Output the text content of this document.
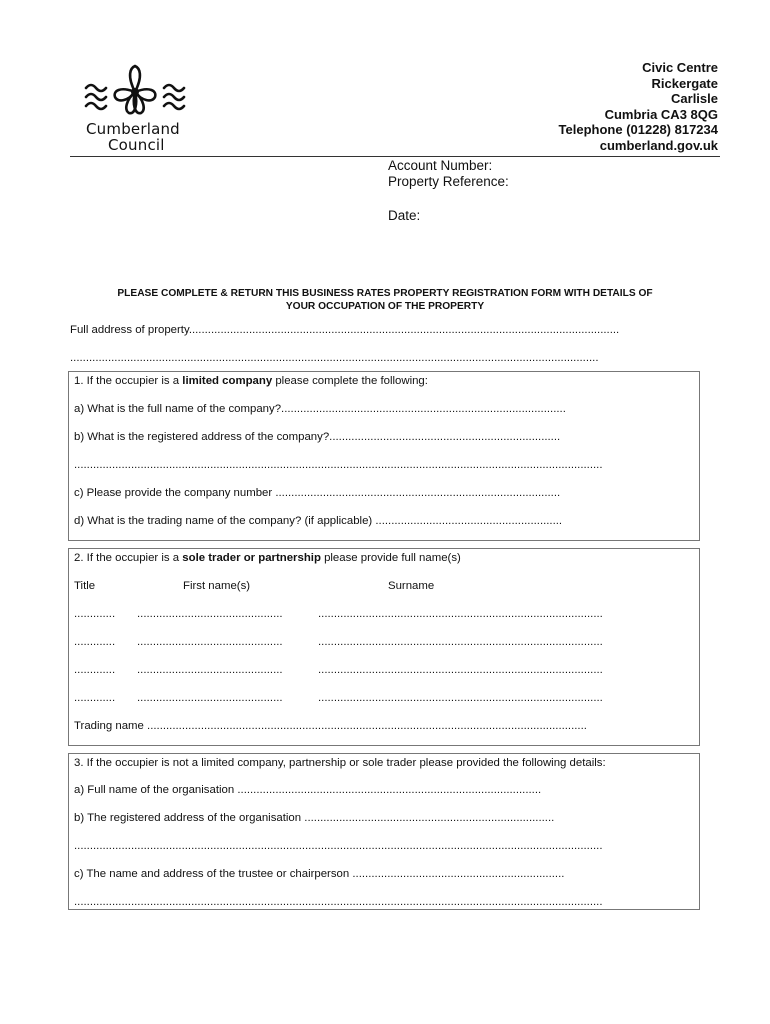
Cumberland
Council
Civic Centre
Rickergate
Carlisle
Cumbria CA3 8QG
Telephone (01228) 817234
cumberland.gov.uk
Account Number:
Property Reference:
Date:
PLEASE COMPLETE & RETURN THIS BUSINESS RATES PROPERTY REGISTRATION FORM WITH DETAILS OF
YOUR OCCUPATION OF THE PROPERTY
Full address of property........................................................................................................................................
.......................................................................................................................................................................
1. If the occupier is a limited company please complete the following:
a) What is the full name of the company?..........................................................................................
b) What is the registered address of the company?.........................................................................
.......................................................................................................................................................................
c) Please provide the company number ..........................................................................................
d) What is the trading name of the company? (if applicable) ...........................................................
2. If the occupier is a sole trader or partnership please provide full name(s)
Title	First name(s)	Surname
.............	..............................................	..........................................................................................
.............	..............................................	..........................................................................................
.............	..............................................	..........................................................................................
.............	..............................................	..........................................................................................
Trading name ...........................................................................................................................................
3. If the occupier is not a limited company, partnership or sole trader please provided the following details:
a) Full name of the organisation ................................................................................................
b) The registered address of the organisation ...............................................................................
.......................................................................................................................................................................
c) The name and address of the trustee or chairperson ...................................................................
.......................................................................................................................................................................
